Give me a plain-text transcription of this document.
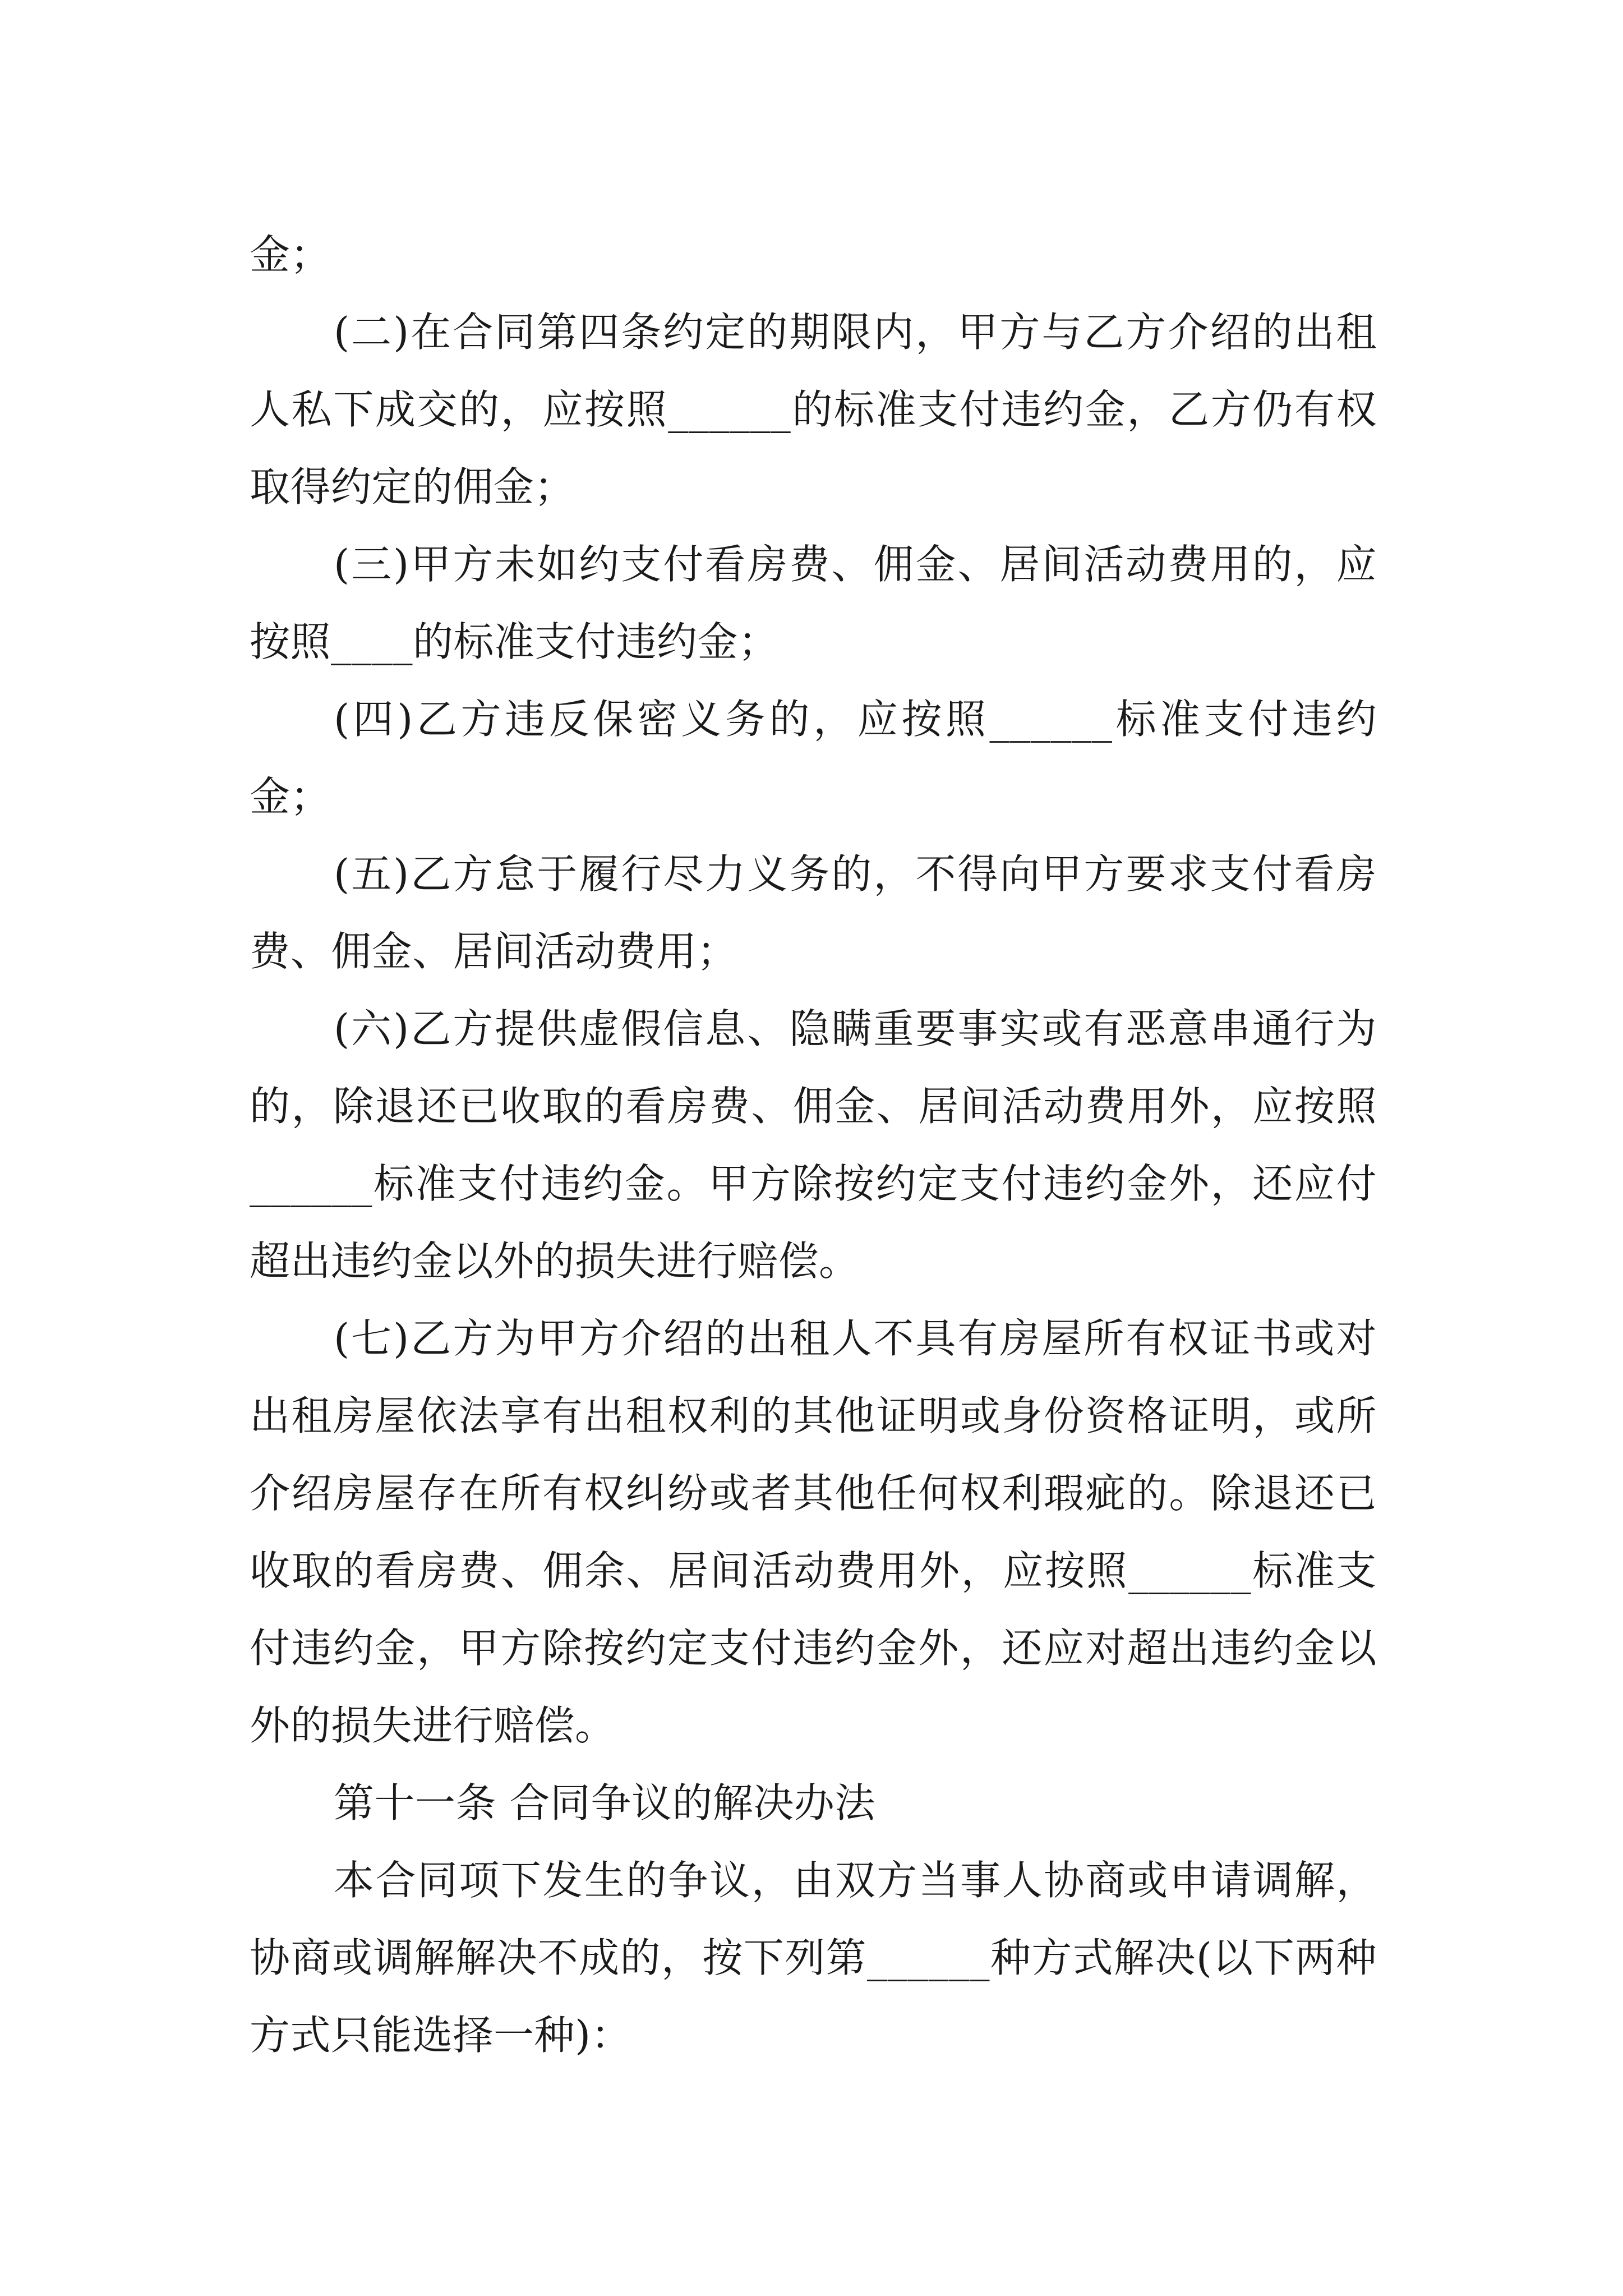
金；

(二)在合同第四条约定的期限内，甲方与乙方介绍的出租人私下成交的，应按照______的标准支付违约金，乙方仍有权取得约定的佣金；

(三)甲方未如约支付看房费、佣金、居间活动费用的，应按照____的标准支付违约金；

(四)乙方违反保密义务的，应按照______标准支付违约金；

(五)乙方怠于履行尽力义务的，不得向甲方要求支付看房费、佣金、居间活动费用；

(六)乙方提供虚假信息、隐瞒重要事实或有恶意串通行为的，除退还已收取的看房费、佣金、居间活动费用外，应按照______标准支付违约金。甲方除按约定支付违约金外，还应付超出违约金以外的损失进行赔偿。

(七)乙方为甲方介绍的出租人不具有房屋所有权证书或对出租房屋依法享有出租权利的其他证明或身份资格证明，或所介绍房屋存在所有权纠纷或者其他任何权利瑕疵的。除退还已收取的看房费、佣余、居间活动费用外，应按照______标准支付违约金，甲方除按约定支付违约金外，还应对超出违约金以外的损失进行赔偿。

第十一条 合同争议的解决办法

本合同项下发生的争议，由双方当事人协商或申请调解，协商或调解解决不成的，按下列第______种方式解决(以下两种方式只能选择一种)：
